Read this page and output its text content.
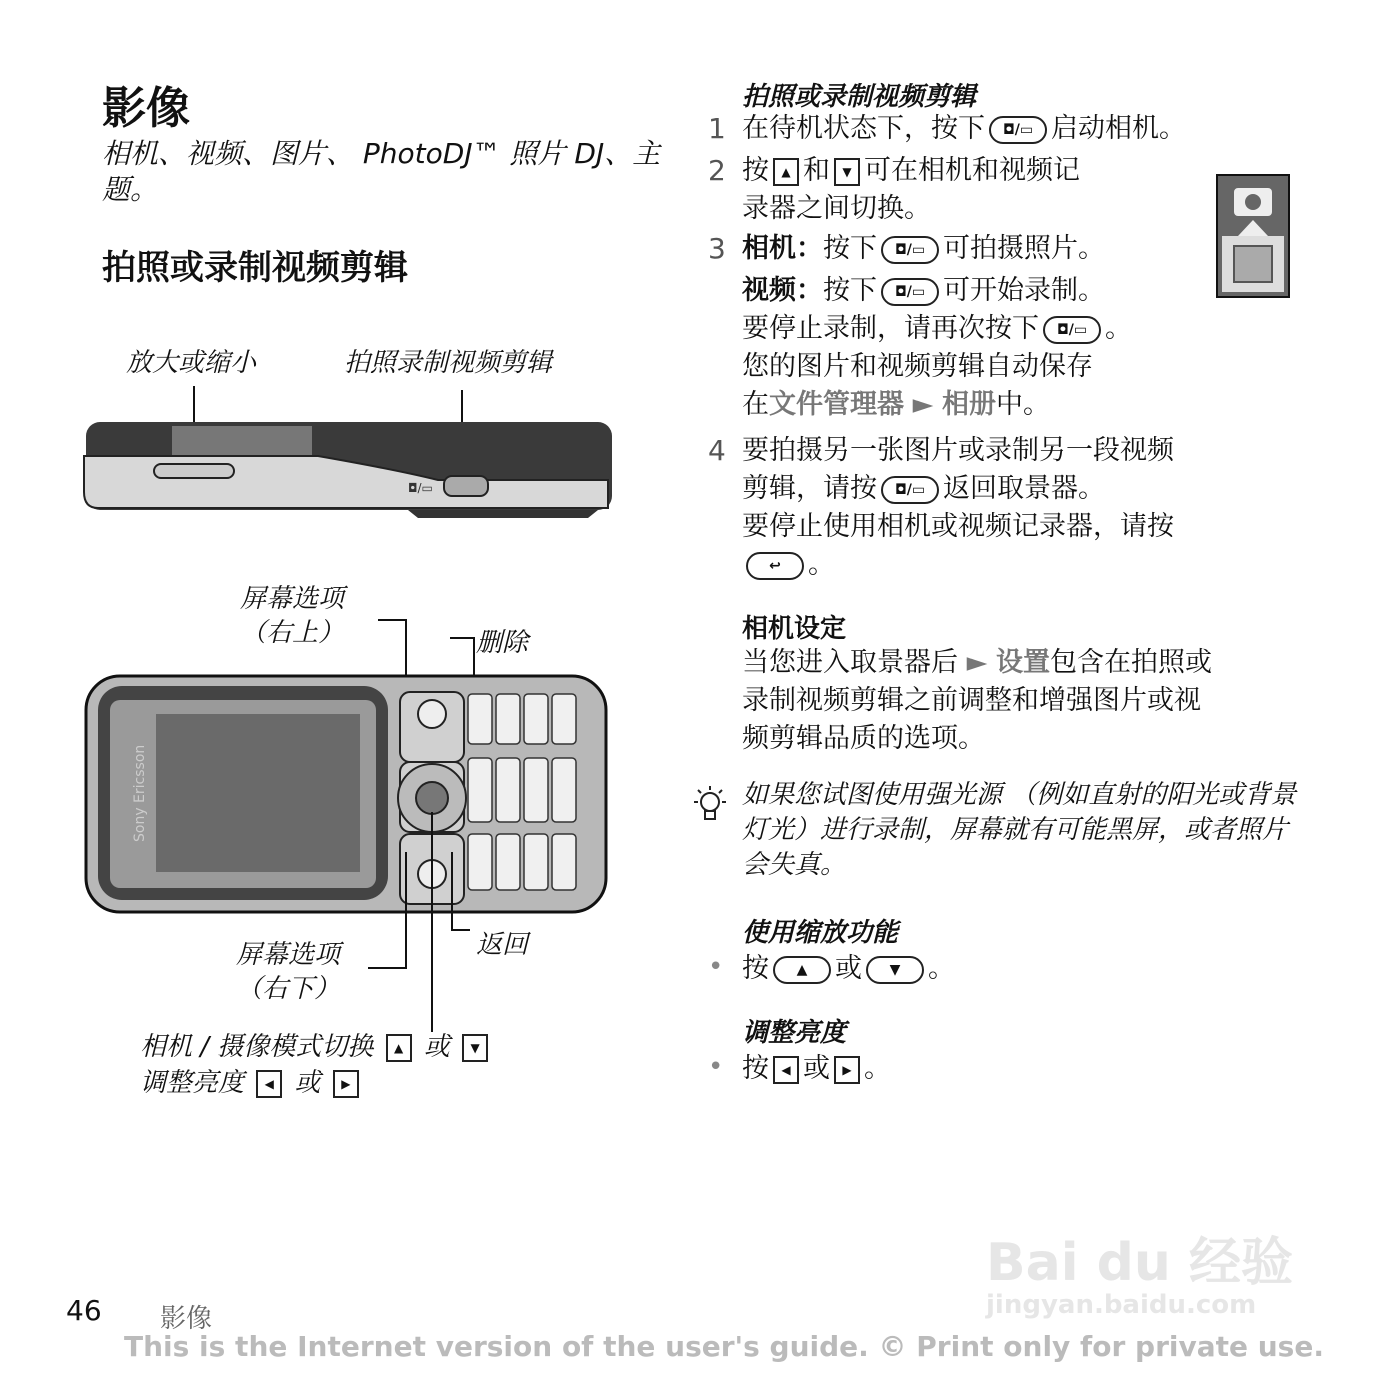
影像
相机、视频、图片、 PhotoDJ™ 照片 DJ、主题。
拍照或录制视频剪辑
放大或缩小	拍照录制视频剪辑
◘/▭
屏幕选项
（右上）	删除
Sony Ericsson
返回
屏幕选项
（右下）
相机 / 摄像模式切换 ▲ 或 ▼
调整亮度 ◀ 或 ▶
拍照或录制视频剪辑
1 在待机状态下，按下 ◘/▭ 启动相机。
2 按 ▲ 和 ▼ 可在相机和视频记
录器之间切换。
3 相机：按下 ◘/▭ 可拍摄照片。
视频：按下 ◘/▭ 可开始录制。
要停止录制，请再次按下 ◘/▭ 。
您的图片和视频剪辑自动保存
在文件管理器 ► 相册中。
4 要拍摄另一张图片或录制另一段视频
剪辑，请按 ◘/▭ 返回取景器。
要停止使用相机或视频记录器，请按
↩ 。
相机设定
当您进入取景器后 ► 设置包含在拍照或
录制视频剪辑之前调整和增强图片或视
频剪辑品质的选项。
如果您试图使用强光源 （例如直射的阳光或背景灯光）进行录制，屏幕就有可能黑屏，或者照片会失真。
使用缩放功能
• 按 ▲ 或 ▼ 。
调整亮度
• 按 ◀ 或 ▶ 。
Bai du 经验
jingyan.baidu.com
46 影像
This is the Internet version of the user's guide. © Print only for private use.
